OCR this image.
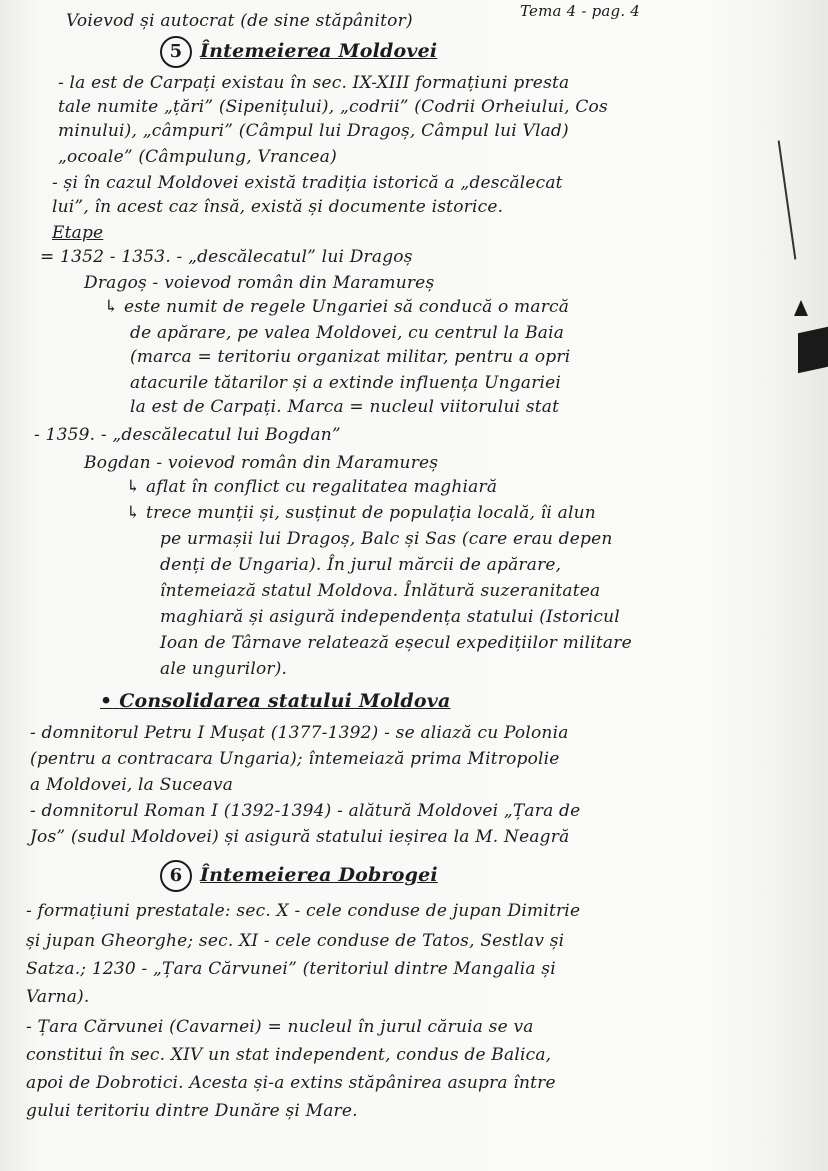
Tema 4 - pag. 4
Voievod și autocrat (de sine stăpânitor)
5 Întemeierea Moldovei
- la est de Carpați existau în sec. IX-XIII formațiuni presta
tale numite „țări” (Sipenițului), „codrii” (Codrii Orheiului, Cos
minului), „câmpuri” (Câmpul lui Dragoș, Câmpul lui Vlad)
„ocoale” (Câmpulung, Vrancea)
- și în cazul Moldovei există tradiția istorică a „descălecat
lui”, în acest caz însă, există și documente istorice.
Etape
= 1352 - 1353. - „descălecatul” lui Dragoș
Dragoș - voievod român din Maramureș
↳ este numit de regele Ungariei să conducă o marcă
de apărare, pe valea Moldovei, cu centrul la Baia
(marca = teritoriu organizat militar, pentru a opri
atacurile tătarilor și a extinde influența Ungariei
la est de Carpați. Marca = nucleul viitorului stat
- 1359. - „descălecatul lui Bogdan”
Bogdan - voievod român din Maramureș
↳ aflat în conflict cu regalitatea maghiară
↳ trece munții și, susținut de populația locală, îi alun
pe urmașii lui Dragoș, Balc și Sas (care erau depen
denți de Ungaria). În jurul mărcii de apărare,
întemeiază statul Moldova. Înlătură suzeranitatea
maghiară și asigură independența statului (Istoricul
Ioan de Târnave relatează eșecul expedițiilor militare
ale ungurilor).
• Consolidarea statului Moldova
- domnitorul Petru I Mușat (1377-1392) - se aliază cu Polonia
(pentru a contracara Ungaria); întemeiază prima Mitropolie
a Moldovei, la Suceava
- domnitorul Roman I (1392-1394) - alătură Moldovei „Țara de
Jos” (sudul Moldovei) și asigură statului ieșirea la M. Neagră
6 Întemeierea Dobrogei
- formațiuni prestatale: sec. X - cele conduse de jupan Dimitrie
și jupan Gheorghe; sec. XI - cele conduse de Tatos, Sestlav și
Satza.; 1230 - „Țara Cărvunei” (teritoriul dintre Mangalia și
Varna).
- Țara Cărvunei (Cavarnei) = nucleul în jurul căruia se va
constitui în sec. XIV un stat independent, condus de Balica,
apoi de Dobrotici. Acesta și-a extins stăpânirea asupra între
gului teritoriu dintre Dunăre și Mare.
